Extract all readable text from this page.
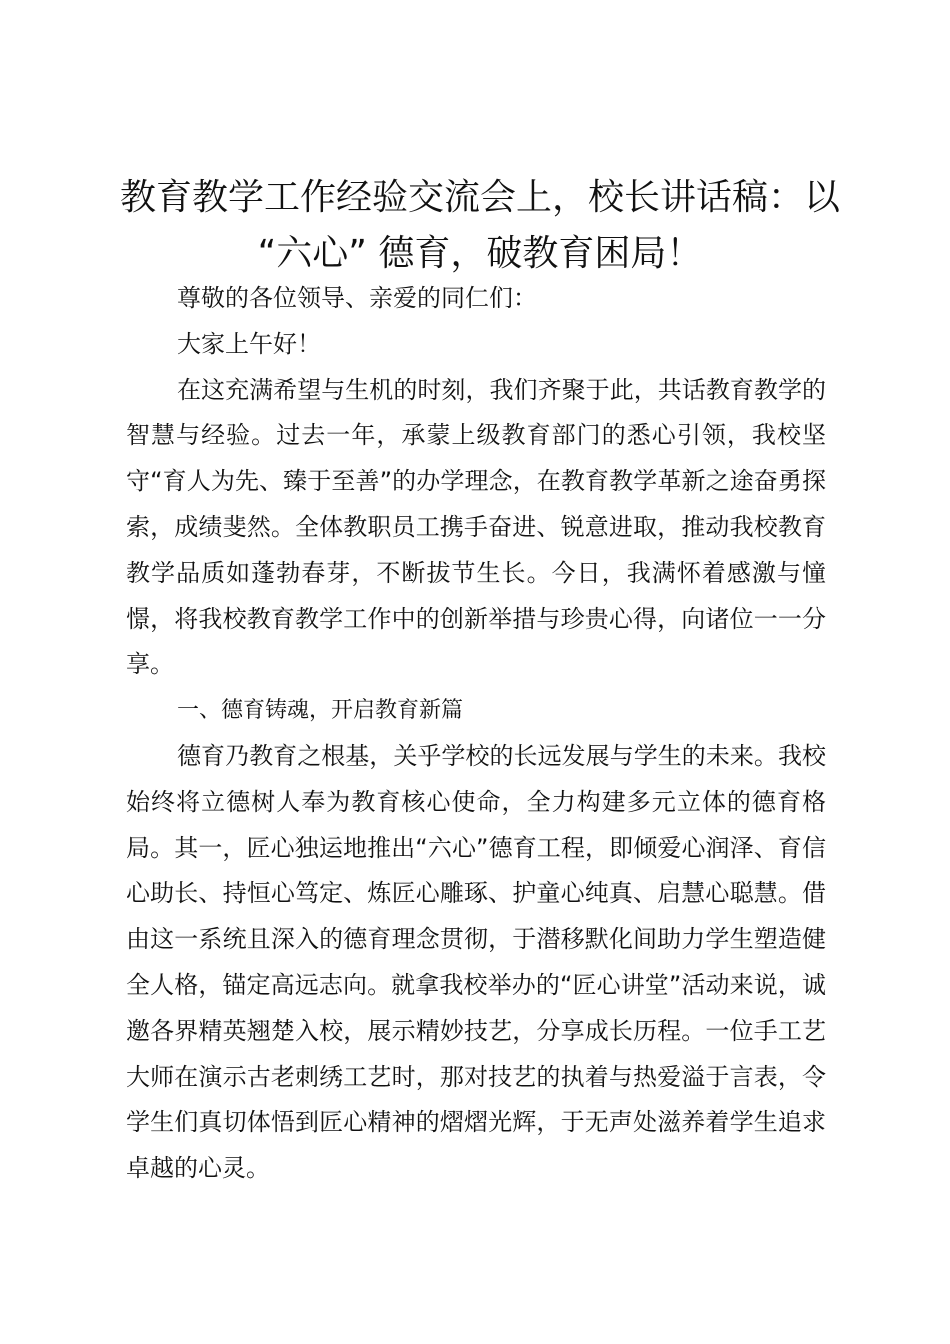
教育教学工作经验交流会上，校长讲话稿：以
“六心” 德育，破教育困局！

尊敬的各位领导、亲爱的同仁们：

大家上午好！

在这充满希望与生机的时刻，我们齐聚于此，共话教育教学的智慧与经验。过去一年，承蒙上级教育部门的悉心引领，我校坚守“育人为先、臻于至善”的办学理念，在教育教学革新之途奋勇探索，成绩斐然。全体教职员工携手奋进、锐意进取，推动我校教育教学品质如蓬勃春芽，不断拔节生长。今日，我满怀着感激与憧憬，将我校教育教学工作中的创新举措与珍贵心得，向诸位一一分享。

一、德育铸魂，开启教育新篇

德育乃教育之根基，关乎学校的长远发展与学生的未来。我校始终将立德树人奉为教育核心使命，全力构建多元立体的德育格局。其一，匠心独运地推出“六心”德育工程，即倾爱心润泽、育信心助长、持恒心笃定、炼匠心雕琢、护童心纯真、启慧心聪慧。借由这一系统且深入的德育理念贯彻，于潜移默化间助力学生塑造健全人格，锚定高远志向。就拿我校举办的“匠心讲堂”活动来说，诚邀各界精英翘楚入校，展示精妙技艺，分享成长历程。一位手工艺大师在演示古老刺绣工艺时，那对技艺的执着与热爱溢于言表，令学生们真切体悟到匠心精神的熠熠光辉，于无声处滋养着学生追求卓越的心灵。
